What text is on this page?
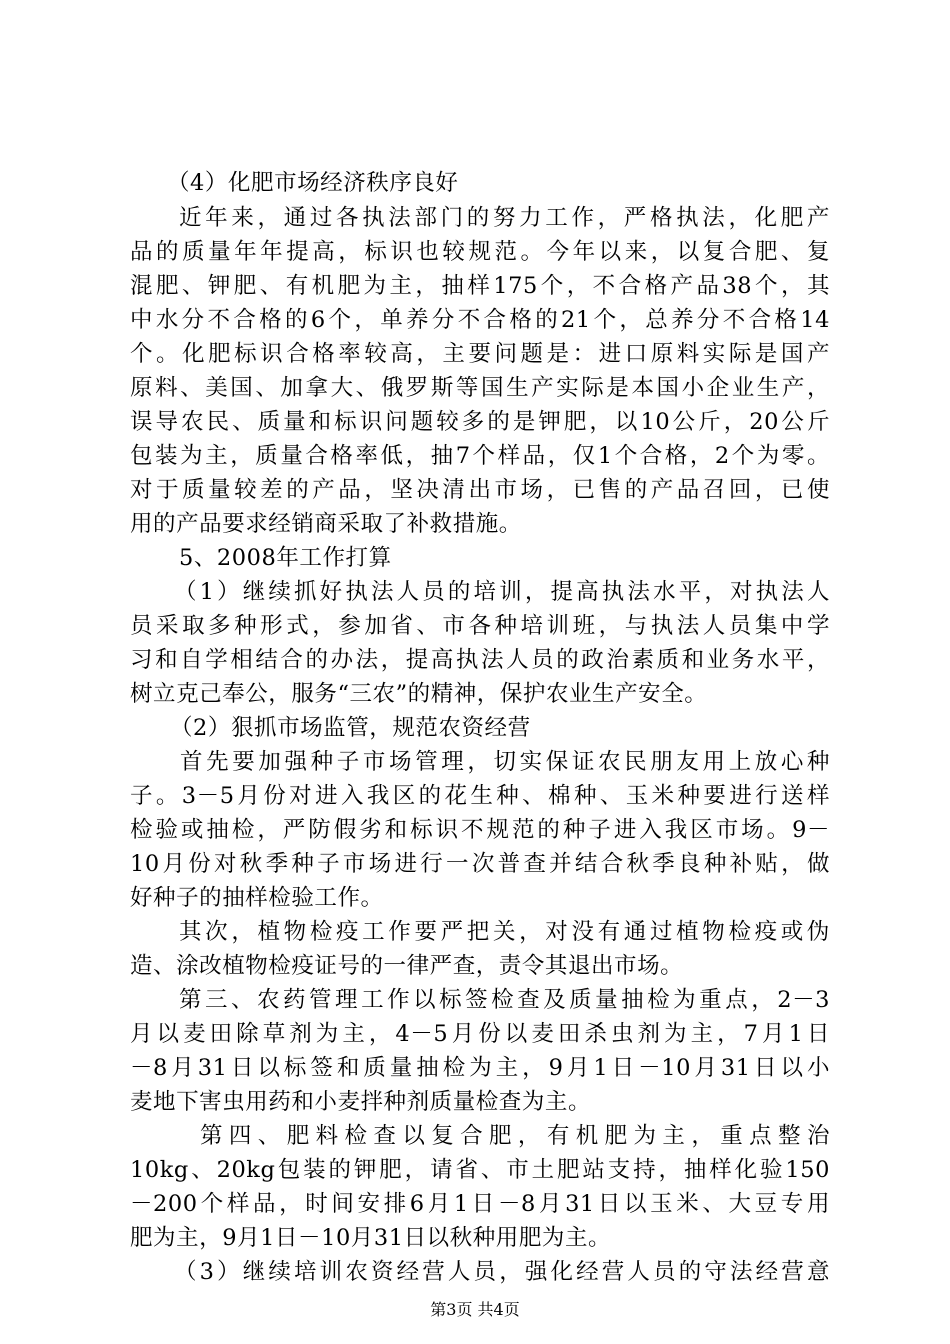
（4）化肥市场经济秩序良好
近年来，通过各执法部门的努力工作，严格执法，化肥产
品的质量年年提高，标识也较规范。今年以来，以复合肥、复
混肥、钾肥、有机肥为主，抽样175个，不合格产品38个，其
中水分不合格的6个，单养分不合格的21个，总养分不合格14
个。化肥标识合格率较高，主要问题是：进口原料实际是国产
原料、美国、加拿大、俄罗斯等国生产实际是本国小企业生产，
误导农民、质量和标识问题较多的是钾肥，以10公斤，20公斤
包装为主，质量合格率低，抽7个样品，仅1个合格，2个为零。
对于质量较差的产品，坚决清出市场，已售的产品召回，已使
用的产品要求经销商采取了补救措施。
5、2008年工作打算
（1）继续抓好执法人员的培训，提高执法水平，对执法人
员采取多种形式，参加省、市各种培训班，与执法人员集中学
习和自学相结合的办法，提高执法人员的政治素质和业务水平，
树立克己奉公，服务“三农”的精神，保护农业生产安全。
（2）狠抓市场监管，规范农资经营
首先要加强种子市场管理，切实保证农民朋友用上放心种
子。3－5月份对进入我区的花生种、棉种、玉米种要进行送样
检验或抽检，严防假劣和标识不规范的种子进入我区市场。9－
10月份对秋季种子市场进行一次普查并结合秋季良种补贴，做
好种子的抽样检验工作。
其次，植物检疫工作要严把关，对没有通过植物检疫或伪
造、涂改植物检疫证号的一律严查，责令其退出市场。
第三、农药管理工作以标签检查及质量抽检为重点，2－3
月以麦田除草剂为主，4－5月份以麦田杀虫剂为主，7月1日
－8月31日以标签和质量抽检为主，9月1日－10月31日以小
麦地下害虫用药和小麦拌种剂质量检查为主。
第四、肥料检查以复合肥，有机肥为主，重点整治
10kg、20kg包装的钾肥，请省、市土肥站支持，抽样化验150
－200个样品，时间安排6月1日－8月31日以玉米、大豆专用
肥为主，9月1日－10月31日以秋种用肥为主。
（3）继续培训农资经营人员，强化经营人员的守法经营意
第3页 共4页
